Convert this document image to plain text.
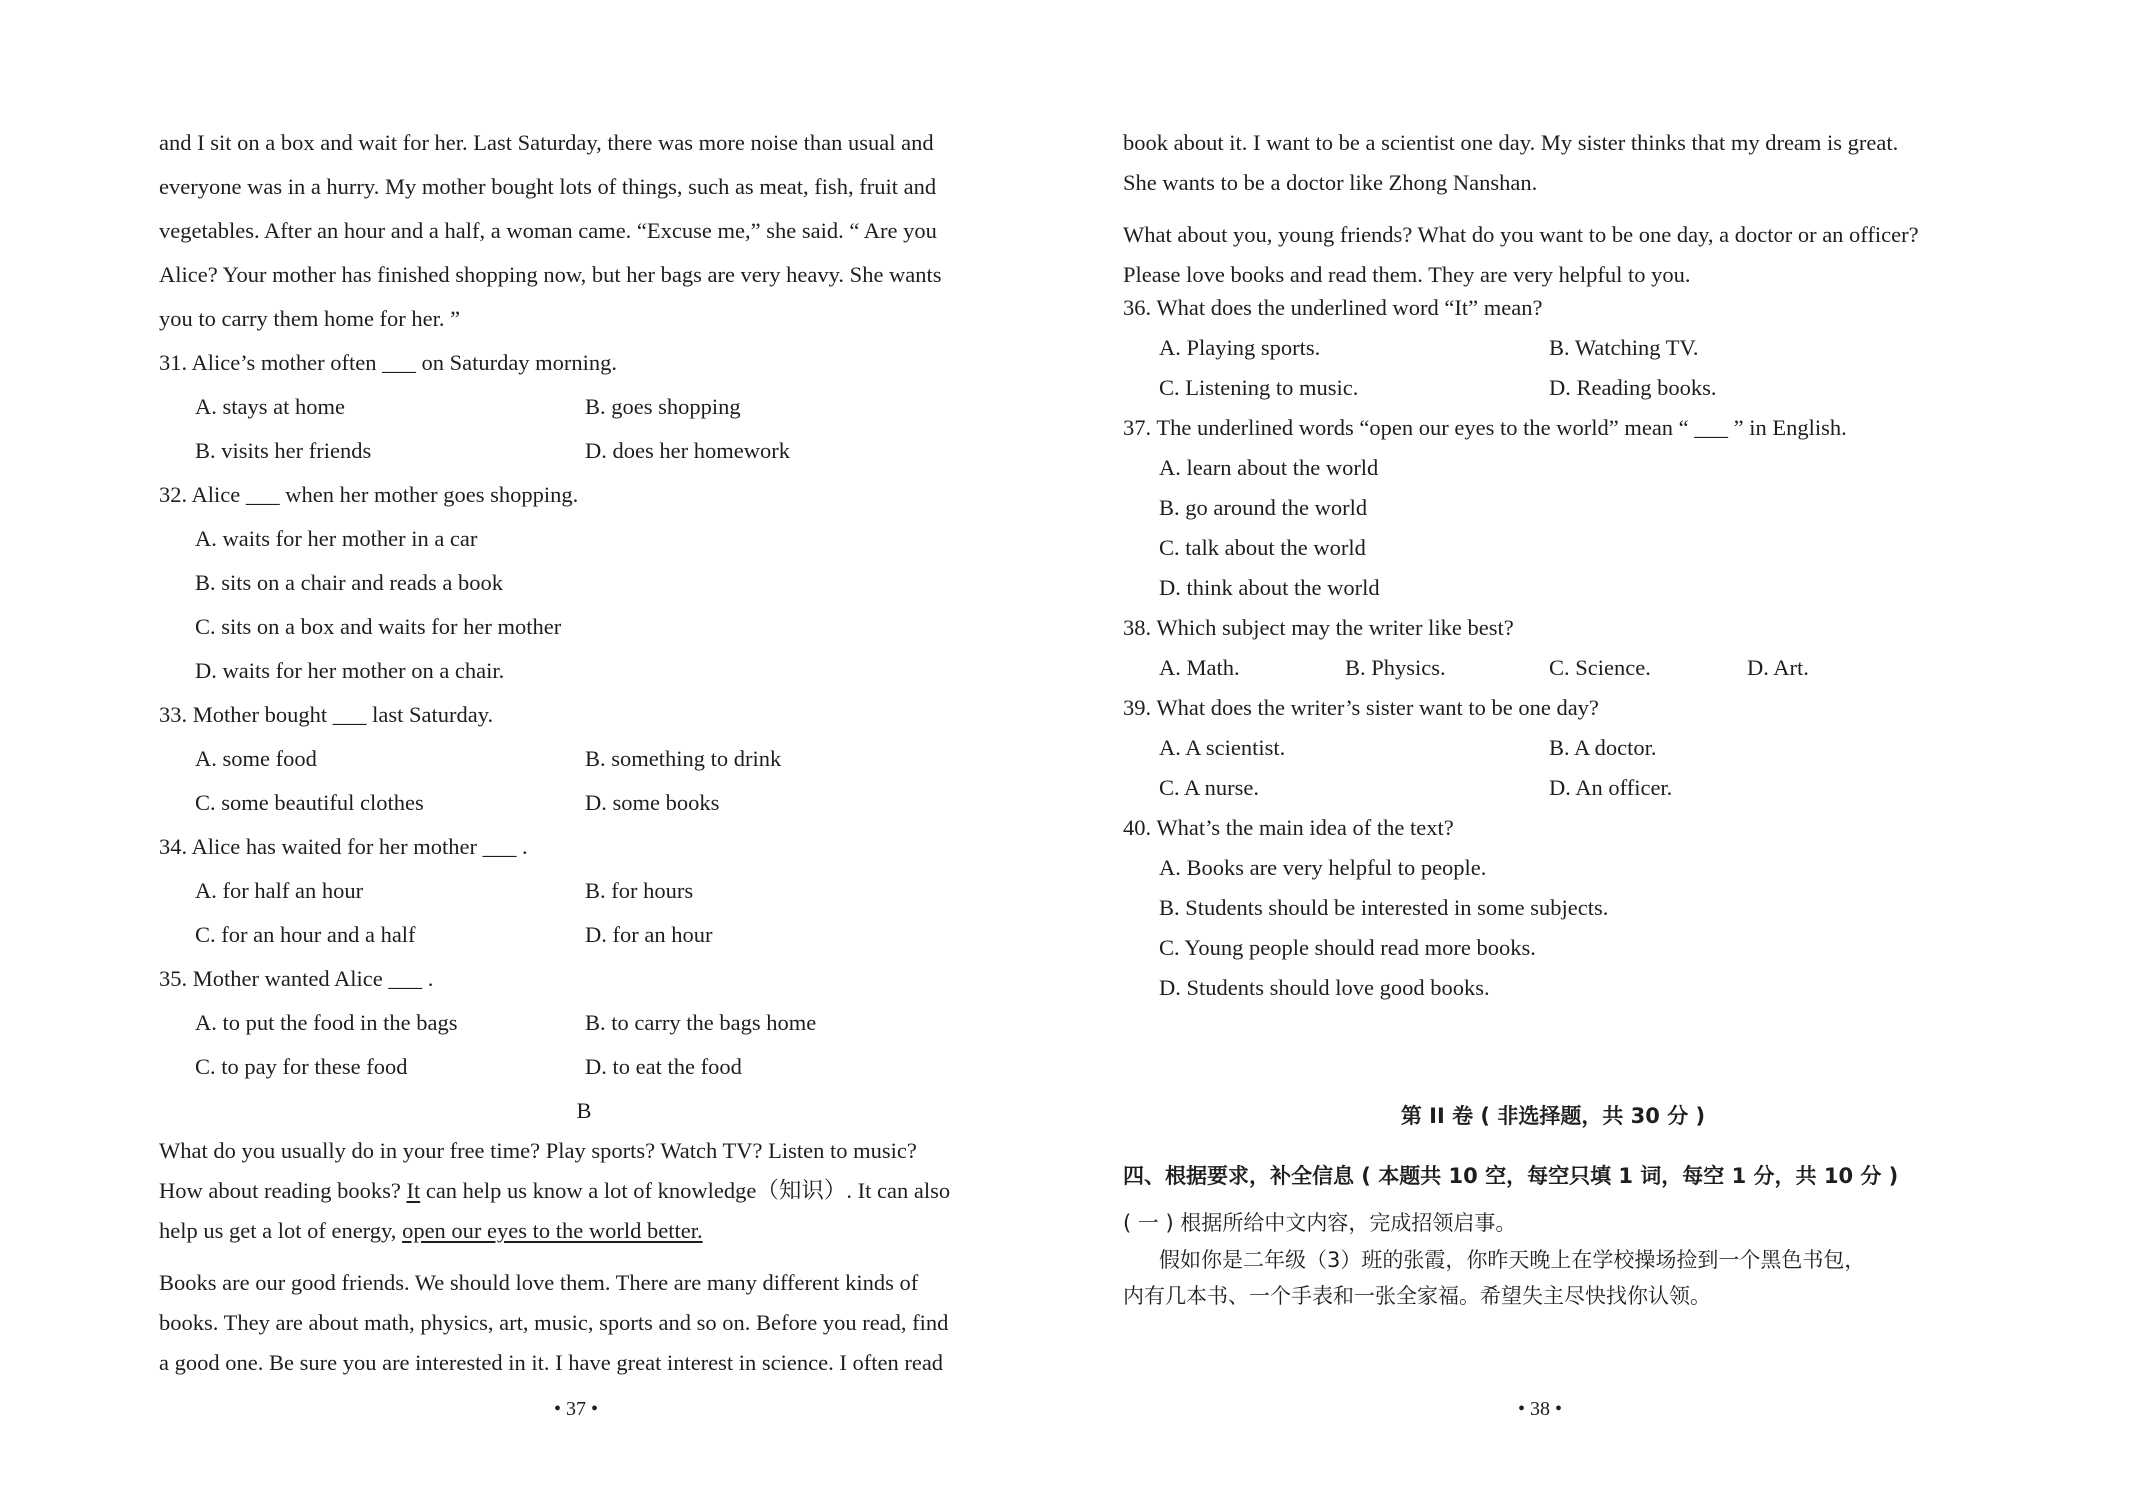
and I sit on a box and wait for her. Last Saturday, there was more noise than usual and
everyone was in a hurry. My mother bought lots of things, such as meat, fish, fruit and
vegetables. After an hour and a half, a woman came. “Excuse me,” she said. “ Are you
Alice? Your mother has finished shopping now, but her bags are very heavy. She wants
you to carry them home for her. ”
31. Alice’s mother often ___ on Saturday morning.
A. stays at home	B. goes shopping
B. visits her friends	D. does her homework
32. Alice ___ when her mother goes shopping.
A. waits for her mother in a car
B. sits on a chair and reads a book
C. sits on a box and waits for her mother
D. waits for her mother on a chair.
33. Mother bought ___ last Saturday.
A. some food	B. something to drink
C. some beautiful clothes	D. some books
34. Alice has waited for her mother ___ .
A. for half an hour	B. for hours
C. for an hour and a half	D. for an hour
35. Mother wanted Alice ___ .
A. to put the food in the bags	B. to carry the bags home
C. to pay for these food	D. to eat the food
B
What do you usually do in your free time? Play sports? Watch TV? Listen to music?
How about reading books? It can help us know a lot of knowledge（知识）. It can also
help us get a lot of energy, open our eyes to the world better.
Books are our good friends. We should love them. There are many different kinds of
books. They are about math, physics, art, music, sports and so on. Before you read, find
a good one. Be sure you are interested in it. I have great interest in science. I often read
• 37 •
book about it. I want to be a scientist one day. My sister thinks that my dream is great.
She wants to be a doctor like Zhong Nanshan.
What about you, young friends? What do you want to be one day, a doctor or an officer?
Please love books and read them. They are very helpful to you.
36. What does the underlined word “It” mean?
A. Playing sports.	B. Watching TV.
C. Listening to music.	D. Reading books.
37. The underlined words “open our eyes to the world” mean “ ___ ” in English.
A. learn about the world
B. go around the world
C. talk about the world
D. think about the world
38. Which subject may the writer like best?
A. Math.	B. Physics.	C. Science.	D. Art.
39. What does the writer’s sister want to be one day?
A. A scientist.	B. A doctor.
C. A nurse.	D. An officer.
40. What’s the main idea of the text?
A. Books are very helpful to people.
B. Students should be interested in some subjects.
C. Young people should read more books.
D. Students should love good books.
第 II 卷 ( 非选择题，共 30 分 )
四、根据要求，补全信息 ( 本题共 10 空，每空只填 1 词，每空 1 分，共 10 分 )
( 一 ) 根据所给中文内容，完成招领启事。
假如你是二年级（3）班的张霞，你昨天晚上在学校操场捡到一个黑色书包，
内有几本书、一个手表和一张全家福。希望失主尽快找你认领。
• 38 •
